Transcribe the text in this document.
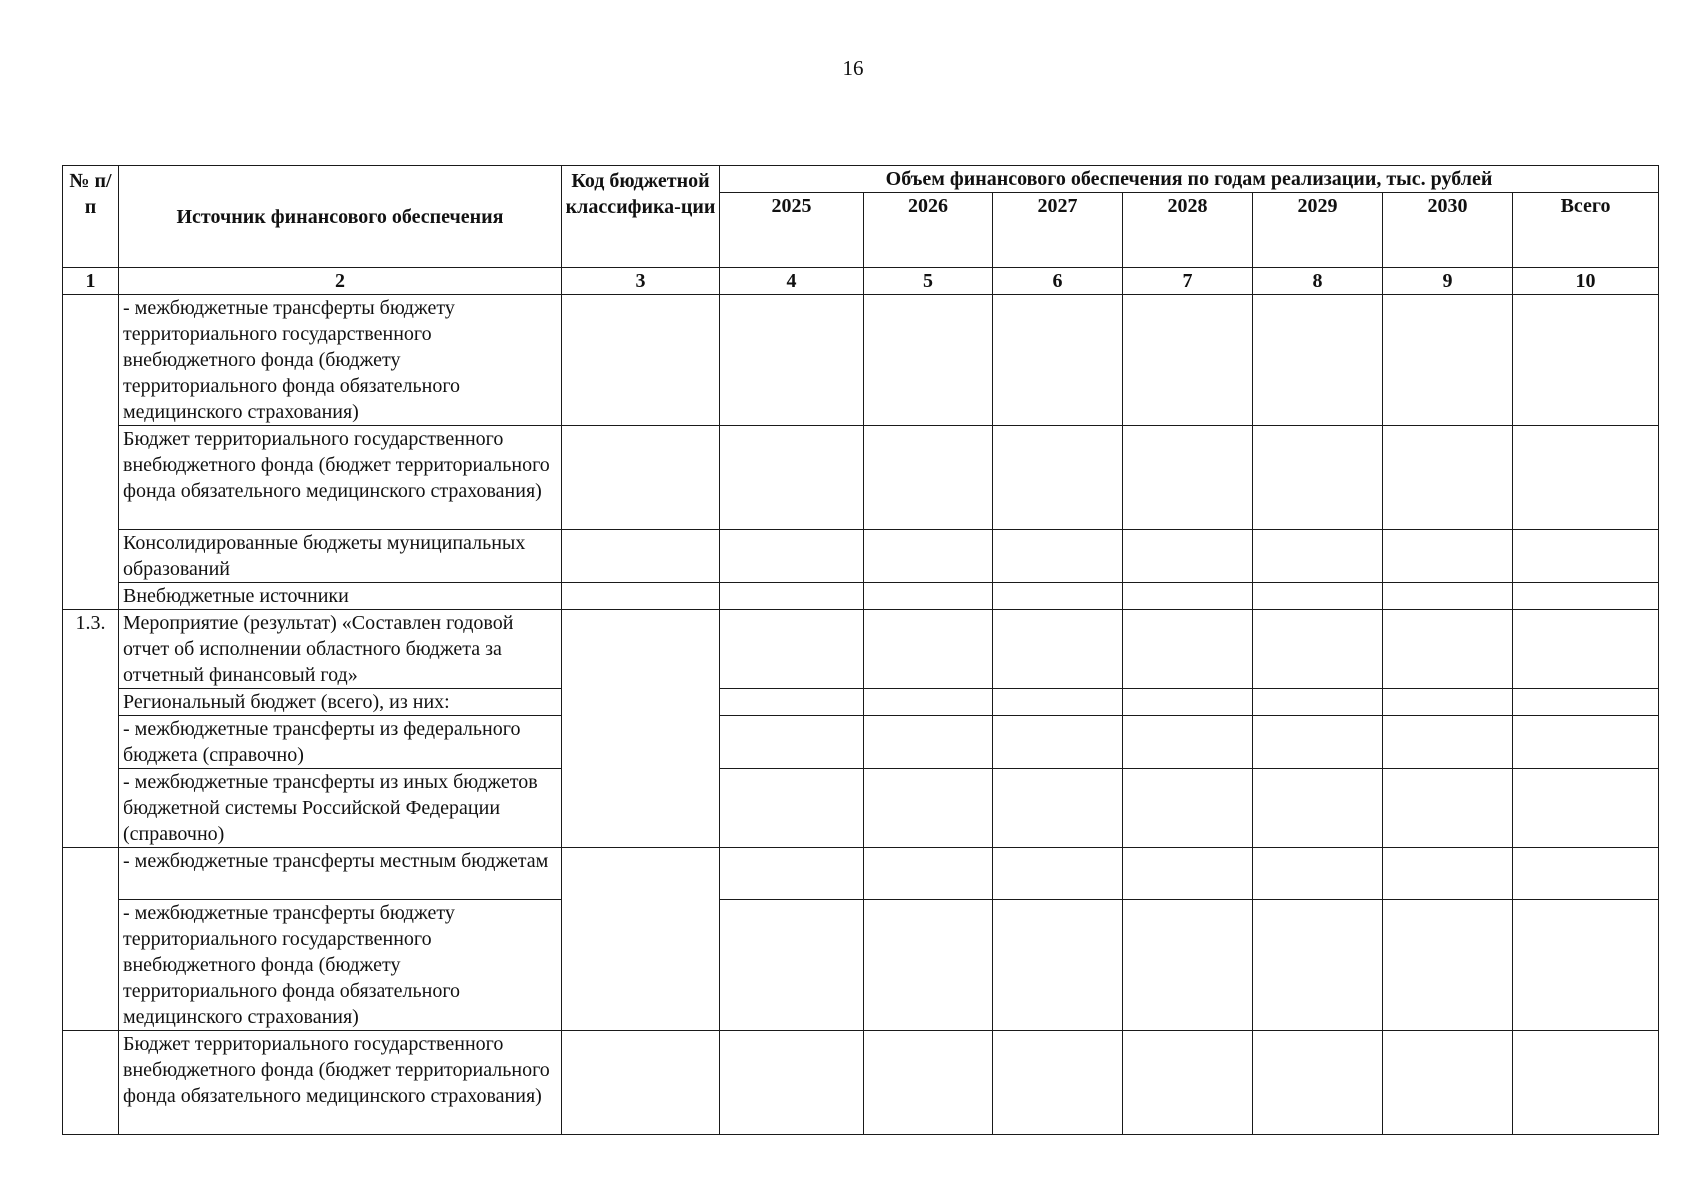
16
№ п/п	Источник финансового обеспечения	Код бюджетной классифика-ции	Объем финансового обеспечения по годам реализации, тыс. рублей						
			2025	2026	2027	2028	2029	2030	Всего
1	2	3	4	5	6	7	8	9	10
	- межбюджетные трансферты бюджету территориального государственного внебюджетного фонда (бюджету территориального фонда обязательного медицинского страхования)								
	Бюджет территориального государственного внебюджетного фонда (бюджет территориального фонда обязательного медицинского страхования)								
	Консолидированные бюджеты муниципальных образований								
	Внебюджетные источники								
1.3.	Мероприятие (результат) «Составлен годовой отчет об исполнении областного бюджета за отчетный финансовый год»								
	Региональный бюджет (всего), из них:								
	- межбюджетные трансферты из федерального бюджета (справочно)								
	- межбюджетные трансферты из иных бюджетов бюджетной системы Российской Федерации (справочно)								
	- межбюджетные трансферты местным бюджетам								
	- межбюджетные трансферты бюджету территориального государственного внебюджетного фонда (бюджету территориального фонда обязательного медицинского страхования)								
	Бюджет территориального государственного внебюджетного фонда (бюджет территориального фонда обязательного медицинского страхования)								
